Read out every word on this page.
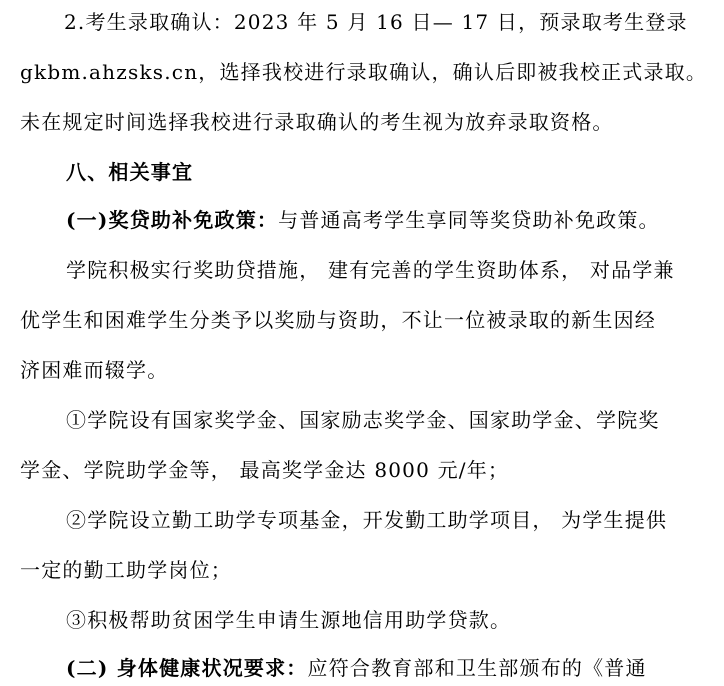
2.考生录取确认：2023 年 5 月 16 日— 17 日，预录取考生登录
gkbm.ahzsks.cn，选择我校进行录取确认，确认后即被我校正式录取。
未在规定时间选择我校进行录取确认的考生视为放弃录取资格。
八、相关事宜
(一)奖贷助补免政策：与普通高考学生享同等奖贷助补免政策。
学院积极实行奖助贷措施， 建有完善的学生资助体系， 对品学兼
优学生和困难学生分类予以奖励与资助，不让一位被录取的新生因经
济困难而辍学。
①学院设有国家奖学金、国家励志奖学金、国家助学金、学院奖
学金、学院助学金等， 最高奖学金达 8000 元/年；
②学院设立勤工助学专项基金，开发勤工助学项目， 为学生提供
一定的勤工助学岗位；
③积极帮助贫困学生申请生源地信用助学贷款。
(二) 身体健康状况要求：应符合教育部和卫生部颁布的《普通
